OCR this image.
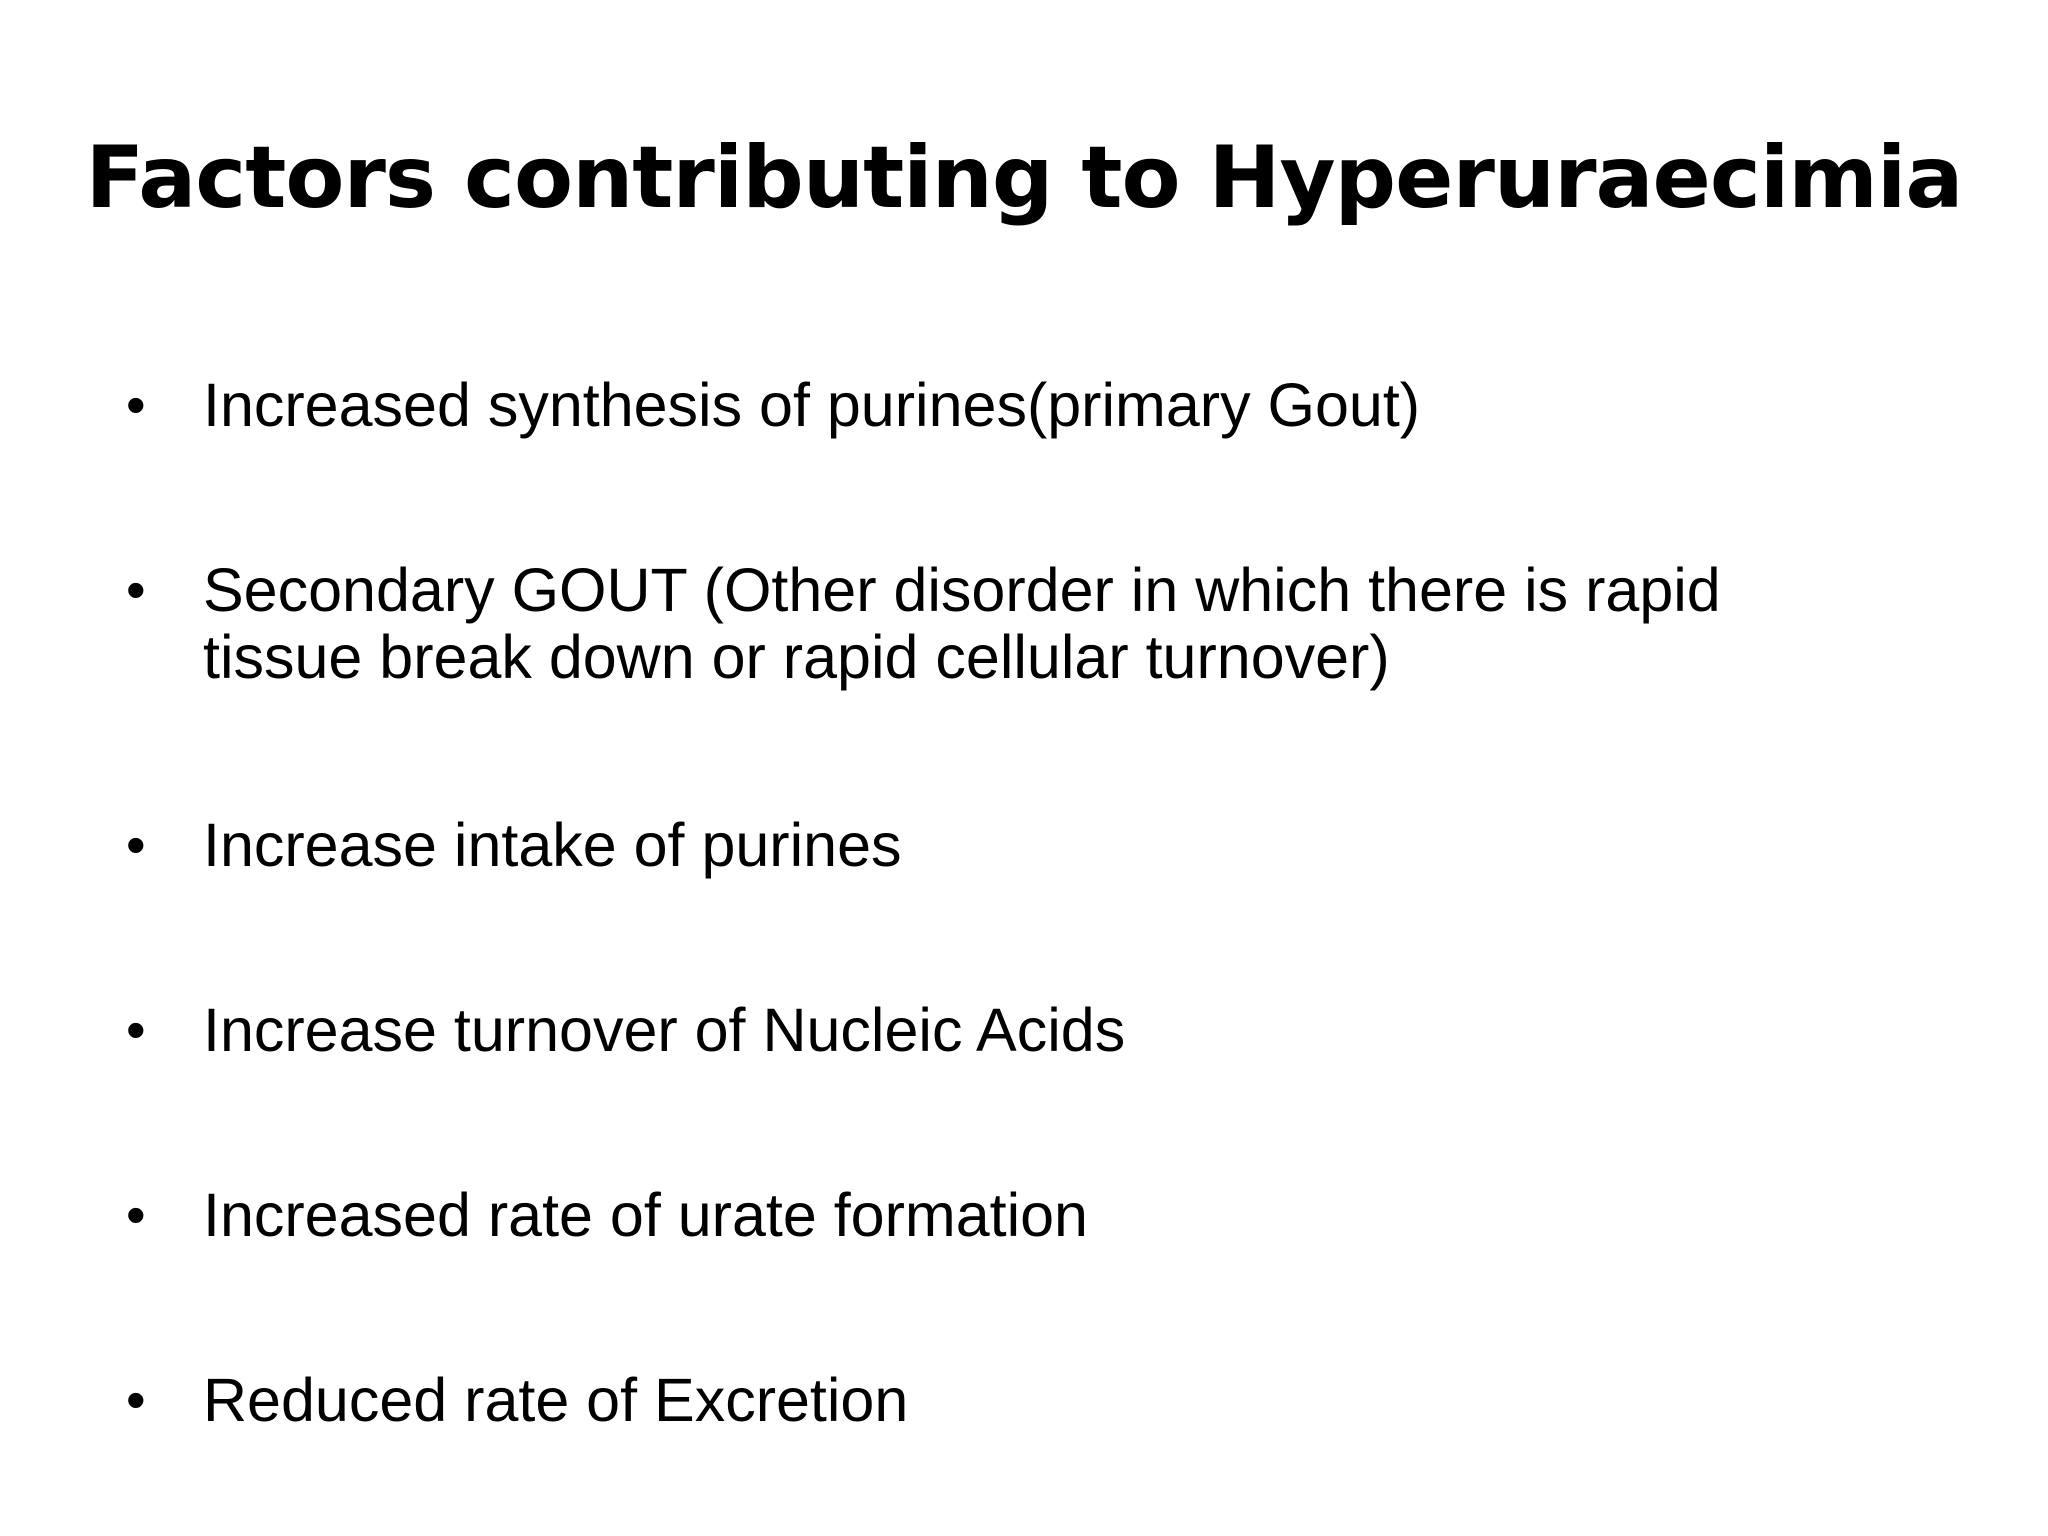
Factors contributing to Hyperuraecimia
• Increased synthesis of purines(primary Gout)
• Secondary GOUT (Other disorder in which there is rapid
tissue break down or rapid cellular turnover)
• Increase intake of purines
• Increase turnover of Nucleic Acids
• Increased rate of urate formation
• Reduced rate of Excretion
